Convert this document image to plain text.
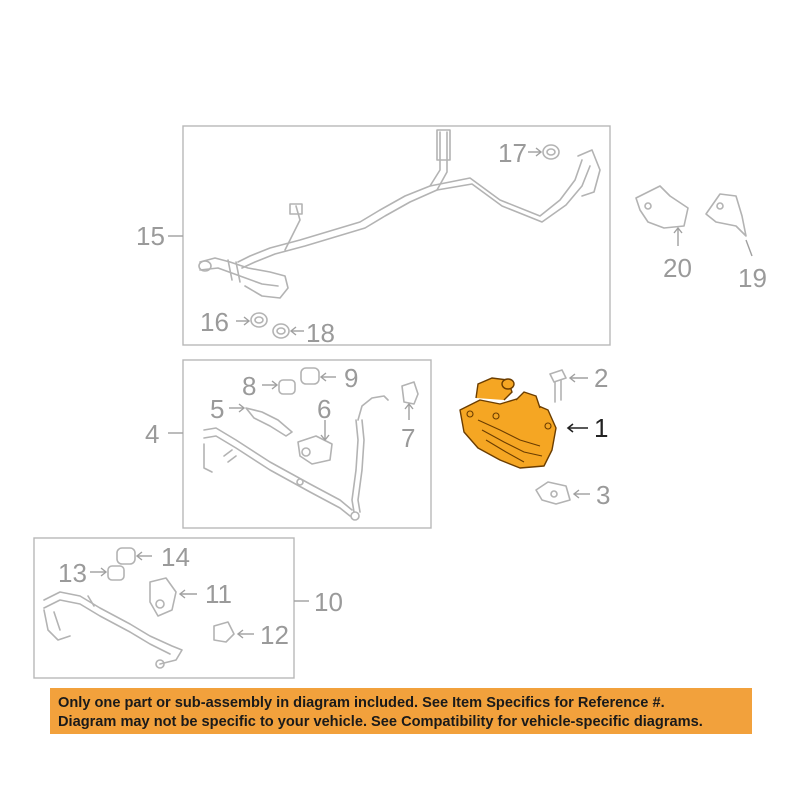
15
17
16	18
20 19
4
8	9
5	6
7
10
14
13
11
12
1
2
3
Only one part or sub-assembly in diagram included. See Item Specifics for Reference #.
Diagram may not be specific to your vehicle. See Compatibility for vehicle-specific diagrams.
